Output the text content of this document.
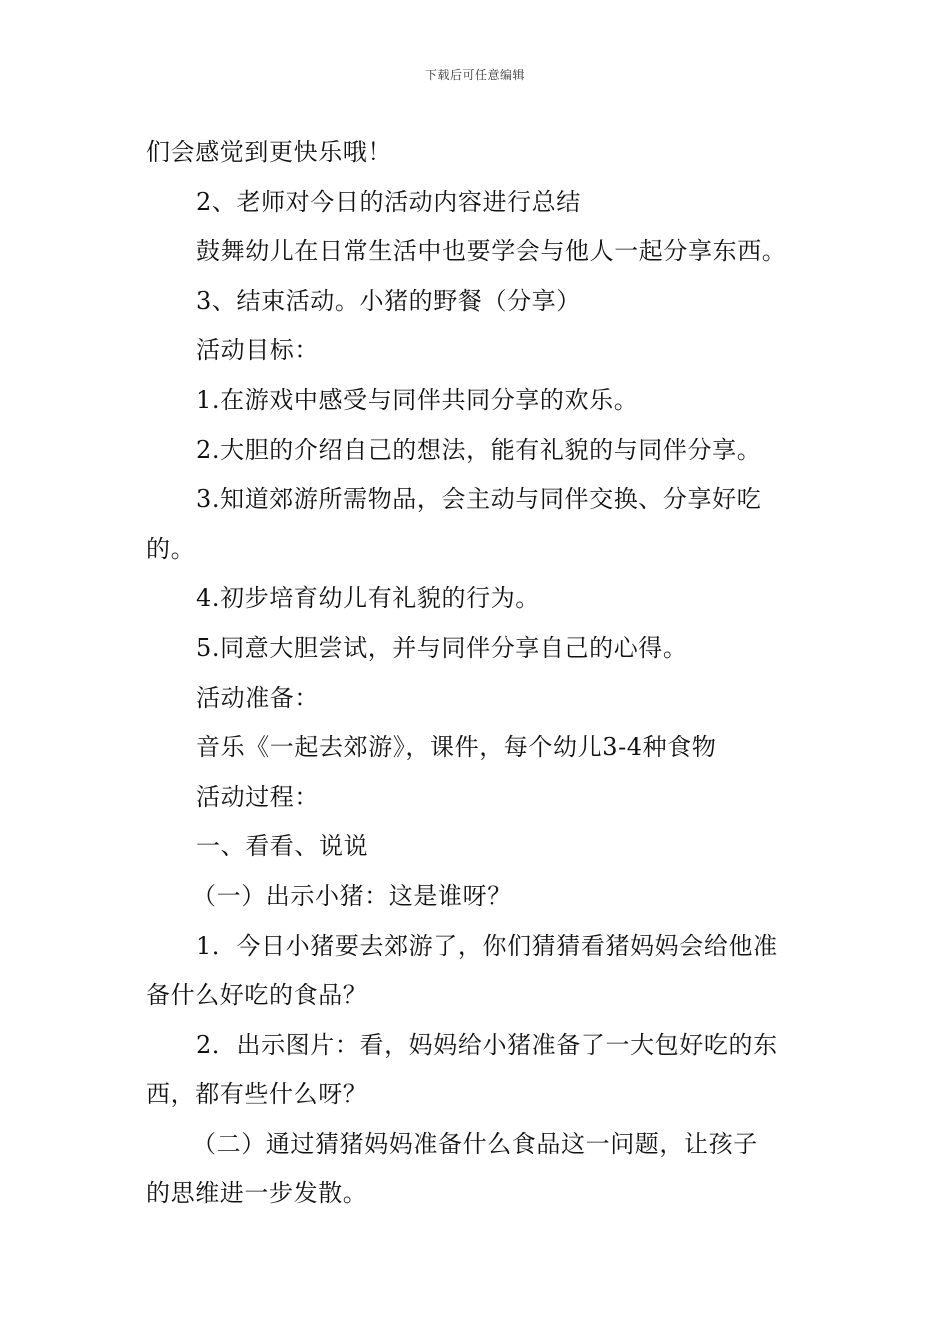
下载后可任意编辑
们会感觉到更快乐哦！
2、老师对今日的活动内容进行总结
鼓舞幼儿在日常生活中也要学会与他人一起分享东西。
3、结束活动。小猪的野餐（分享）
活动目标：
1.在游戏中感受与同伴共同分享的欢乐。
2.大胆的介绍自己的想法，能有礼貌的与同伴分享。
3.知道郊游所需物品，会主动与同伴交换、分享好吃
的。
4.初步培育幼儿有礼貌的行为。
5.同意大胆尝试，并与同伴分享自己的心得。
活动准备：
音乐《一起去郊游》，课件，每个幼儿3-4种食物
活动过程：
一、看看、说说
（一）出示小猪：这是谁呀？
1．今日小猪要去郊游了，你们猜猜看猪妈妈会给他准
备什么好吃的食品？
2．出示图片：看，妈妈给小猪准备了一大包好吃的东
西，都有些什么呀？
（二）通过猜猪妈妈准备什么食品这一问题，让孩子
的思维进一步发散。
